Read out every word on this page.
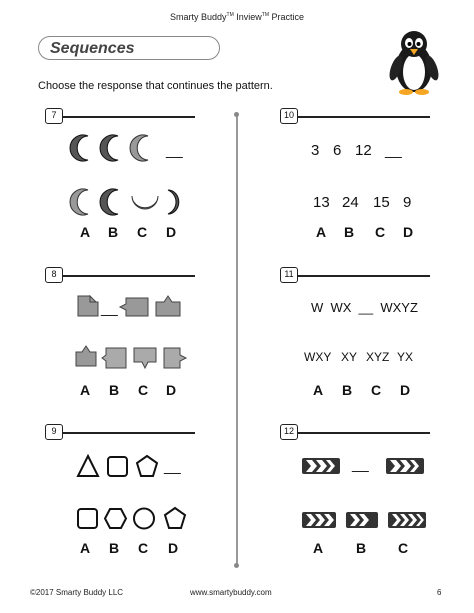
Smarty Buddy™ Inview™ Practice
Sequences
Choose the response that continues the pattern.
7
__
A B C D
8
__
A B C D
9
__
A B C D
10
3 6 12 __
13 24 15 9
A B C D
11
W  WX  __  WXYZ
WXY XY XYZ YX
A B C D
12
__
A B C
©2017 Smarty Buddy LLC	www.smartybuddy.com	6
